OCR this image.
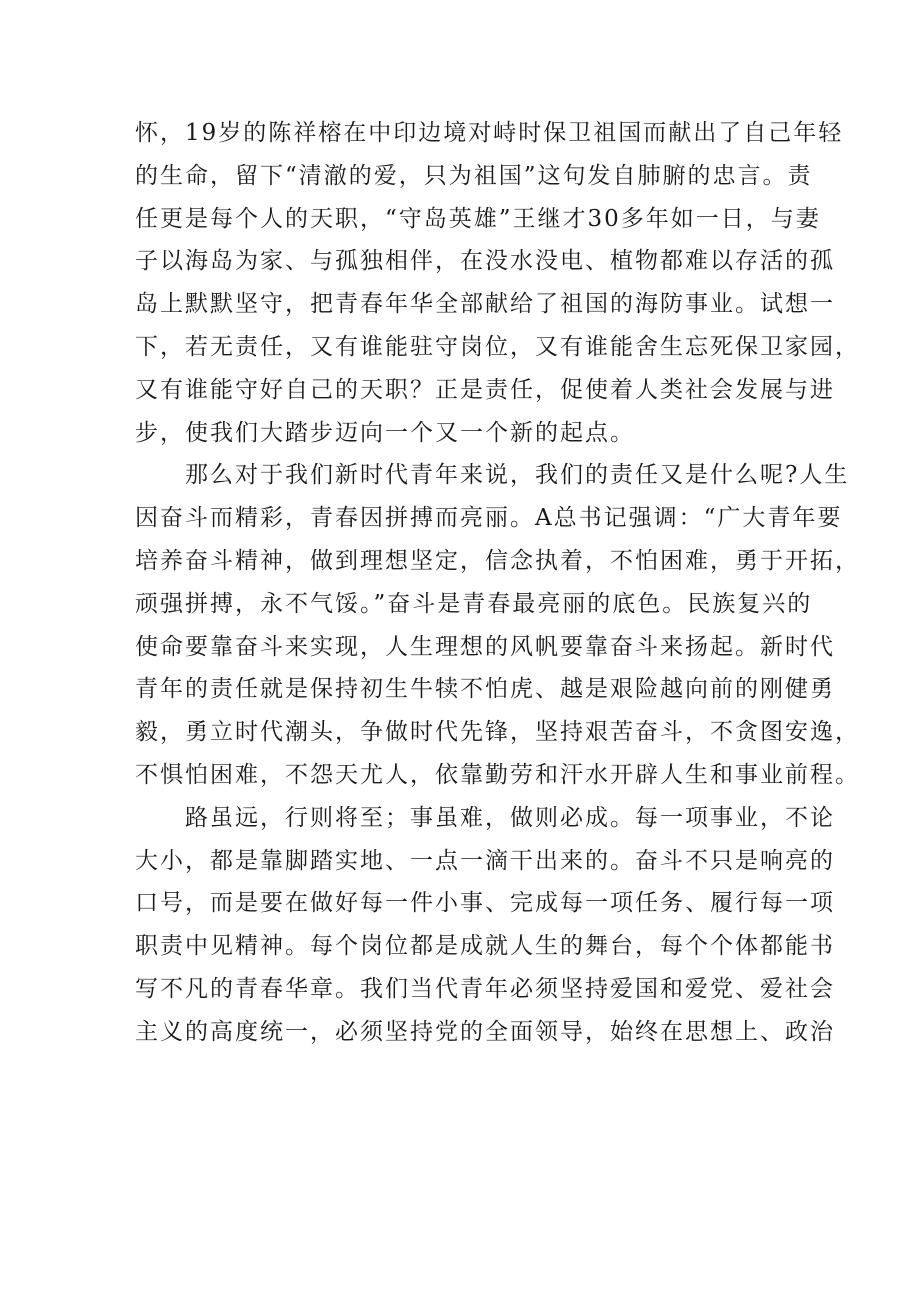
怀，19岁的陈祥榕在中印边境对峙时保卫祖国而献出了自己年轻
的生命，留下“清澈的爱，只为祖国”这句发自肺腑的忠言。责
任更是每个人的天职，“守岛英雄”王继才30多年如一日，与妻
子以海岛为家、与孤独相伴，在没水没电、植物都难以存活的孤
岛上默默坚守，把青春年华全部献给了祖国的海防事业。试想一
下，若无责任，又有谁能驻守岗位，又有谁能舍生忘死保卫家园，
又有谁能守好自己的天职？正是责任，促使着人类社会发展与进
步，使我们大踏步迈向一个又一个新的起点。
那么对于我们新时代青年来说，我们的责任又是什么呢?人生
因奋斗而精彩，青春因拼搏而亮丽。A总书记强调：“广大青年要
培养奋斗精神，做到理想坚定，信念执着，不怕困难，勇于开拓，
顽强拼搏，永不气馁。”奋斗是青春最亮丽的底色。民族复兴的
使命要靠奋斗来实现，人生理想的风帆要靠奋斗来扬起。新时代
青年的责任就是保持初生牛犊不怕虎、越是艰险越向前的刚健勇
毅，勇立时代潮头，争做时代先锋，坚持艰苦奋斗，不贪图安逸，
不惧怕困难，不怨天尤人，依靠勤劳和汗水开辟人生和事业前程。
路虽远，行则将至；事虽难，做则必成。每一项事业，不论
大小，都是靠脚踏实地、一点一滴干出来的。奋斗不只是响亮的
口号，而是要在做好每一件小事、完成每一项任务、履行每一项
职责中见精神。每个岗位都是成就人生的舞台，每个个体都能书
写不凡的青春华章。我们当代青年必须坚持爱国和爱党、爱社会
主义的高度统一，必须坚持党的全面领导，始终在思想上、政治
